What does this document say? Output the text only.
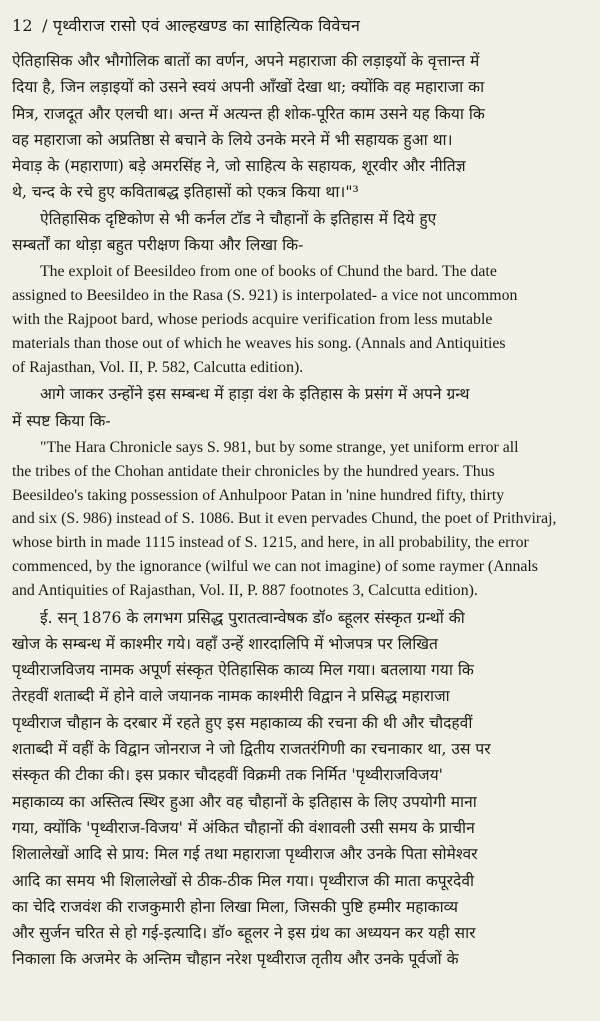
12 / पृथ्वीराज रासो एवं आल्हखण्ड का साहित्यिक विवेचन
ऐतिहासिक और भौगोलिक बातों का वर्णन, अपने महाराजा की लड़ाइयों के वृत्तान्त में
दिया है, जिन लड़ाइयों को उसने स्वयं अपनी आँखों देखा था; क्योंकि वह महाराजा का
मित्र, राजदूत और एलची था। अन्त में अत्यन्त ही शोक-पूरित काम उसने यह किया कि
वह महाराजा को अप्रतिष्ठा से बचाने के लिये उनके मरने में भी सहायक हुआ था।
मेवाड़ के (महाराणा) बड़े अमरसिंह ने, जो साहित्य के सहायक, शूरवीर और नीतिज्ञ
थे, चन्द के रचे हुए कविताबद्ध इतिहासों को एकत्र किया था।"³
ऐतिहासिक दृष्टिकोण से भी कर्नल टॉड ने चौहानों के इतिहास में दिये हुए
सम्बर्तों का थोड़ा बहुत परीक्षण किया और लिखा कि-
The exploit of Beesildeo from one of books of Chund the bard. The date
assigned to Beesildeo in the Rasa (S. 921) is interpolated- a vice not uncommon
with the Rajpoot bard, whose periods acquire verification from less mutable
materials than those out of which he weaves his song. (Annals and Antiquities
of Rajasthan, Vol. II, P. 582, Calcutta edition).
आगे जाकर उन्होंने इस सम्बन्ध में हाड़ा वंश के इतिहास के प्रसंग में अपने ग्रन्थ
में स्पष्ट किया कि-
"The Hara Chronicle says S. 981, but by some strange, yet uniform error all
the tribes of the Chohan antidate their chronicles by the hundred years. Thus
Beesildeo's taking possession of Anhulpoor Patan in 'nine hundred fifty, thirty
and six (S. 986) instead of S. 1086. But it even pervades Chund, the poet of Prithviraj,
whose birth in made 1115 instead of S. 1215, and here, in all probability, the error
commenced, by the ignorance (wilful we can not imagine) of some raymer (Annals
and Antiquities of Rajasthan, Vol. II, P. 887 footnotes 3, Calcutta edition).
ई. सन् 1876 के लगभग प्रसिद्ध पुरातत्वान्वेषक डॉ० ब्हूलर संस्कृत ग्रन्थों की
खोज के सम्बन्ध में काश्मीर गये। वहाँ उन्हें शारदालिपि में भोजपत्र पर लिखित
पृथ्वीराजविजय नामक अपूर्ण संस्कृत ऐतिहासिक काव्य मिल गया। बतलाया गया कि
तेरहवीं शताब्दी में होने वाले जयानक नामक काश्मीरी विद्वान ने प्रसिद्ध महाराजा
पृथ्वीराज चौहान के दरबार में रहते हुए इस महाकाव्य की रचना की थी और चौदहवीं
शताब्दी में वहीं के विद्वान जोनराज ने जो द्वितीय राजतरंगिणी का रचनाकार था, उस पर
संस्कृत की टीका की। इस प्रकार चौदहवीं विक्रमी तक निर्मित 'पृथ्वीराजविजय'
महाकाव्य का अस्तित्व स्थिर हुआ और वह चौहानों के इतिहास के लिए उपयोगी माना
गया, क्योंकि 'पृथ्वीराज-विजय' में अंकित चौहानों की वंशावली उसी समय के प्राचीन
शिलालेखों आदि से प्राय: मिल गई तथा महाराजा पृथ्वीराज और उनके पिता सोमेश्वर
आदि का समय भी शिलालेखों से ठीक-ठीक मिल गया। पृथ्वीराज की माता कपूरदेवी
का चेदि राजवंश की राजकुमारी होना लिखा मिला, जिसकी पुष्टि हम्मीर महाकाव्य
और सुर्जन चरित से हो गई-इत्यादि। डॉ० ब्हूलर ने इस ग्रंथ का अध्ययन कर यही सार
निकाला कि अजमेर के अन्तिम चौहान नरेश पृथ्वीराज तृतीय और उनके पूर्वजों के
